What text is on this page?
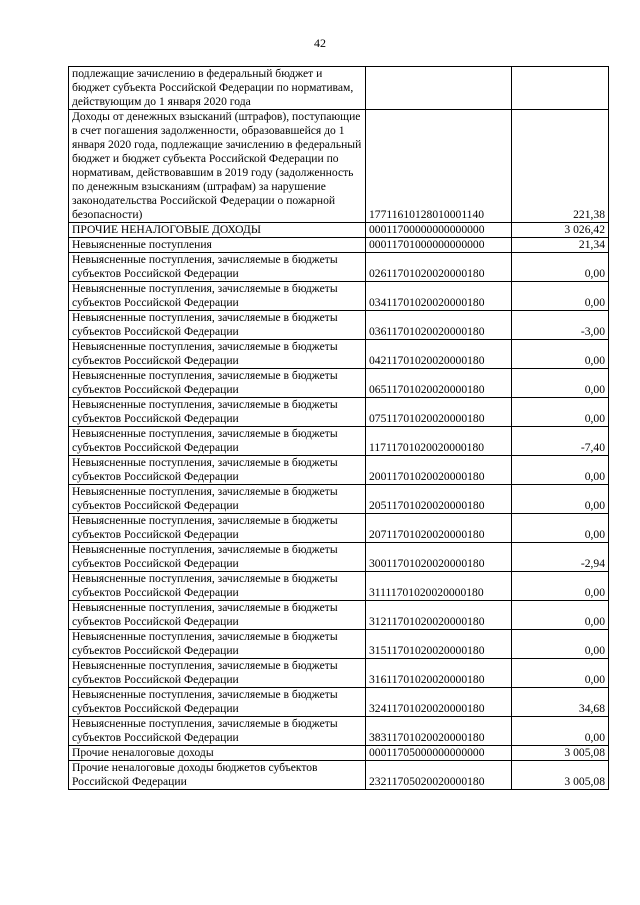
42
подлежащие зачислению в федеральный бюджет и бюджет субъекта Российской Федерации по нормативам, действующим до 1 января 2020 года		
Доходы от денежных взысканий (штрафов), поступающие в счет погашения задолженности, образовавшейся до 1 января 2020 года, подлежащие зачислению в федеральный бюджет и бюджет субъекта Российской Федерации по нормативам, действовавшим в 2019 году (задолженность по денежным взысканиям (штрафам) за нарушение законодательства Российской Федерации о пожарной безопасности)	17711610128010001140	221,38
ПРОЧИЕ НЕНАЛОГОВЫЕ ДОХОДЫ	00011700000000000000	3 026,42
Невыясненные поступления	00011701000000000000	21,34
Невыясненные поступления, зачисляемые в бюджеты субъектов Российской Федерации	02611701020020000180	0,00
Невыясненные поступления, зачисляемые в бюджеты субъектов Российской Федерации	03411701020020000180	0,00
Невыясненные поступления, зачисляемые в бюджеты субъектов Российской Федерации	03611701020020000180	-3,00
Невыясненные поступления, зачисляемые в бюджеты субъектов Российской Федерации	04211701020020000180	0,00
Невыясненные поступления, зачисляемые в бюджеты субъектов Российской Федерации	06511701020020000180	0,00
Невыясненные поступления, зачисляемые в бюджеты субъектов Российской Федерации	07511701020020000180	0,00
Невыясненные поступления, зачисляемые в бюджеты субъектов Российской Федерации	11711701020020000180	-7,40
Невыясненные поступления, зачисляемые в бюджеты субъектов Российской Федерации	20011701020020000180	0,00
Невыясненные поступления, зачисляемые в бюджеты субъектов Российской Федерации	20511701020020000180	0,00
Невыясненные поступления, зачисляемые в бюджеты субъектов Российской Федерации	20711701020020000180	0,00
Невыясненные поступления, зачисляемые в бюджеты субъектов Российской Федерации	30011701020020000180	-2,94
Невыясненные поступления, зачисляемые в бюджеты субъектов Российской Федерации	31111701020020000180	0,00
Невыясненные поступления, зачисляемые в бюджеты субъектов Российской Федерации	31211701020020000180	0,00
Невыясненные поступления, зачисляемые в бюджеты субъектов Российской Федерации	31511701020020000180	0,00
Невыясненные поступления, зачисляемые в бюджеты субъектов Российской Федерации	31611701020020000180	0,00
Невыясненные поступления, зачисляемые в бюджеты субъектов Российской Федерации	32411701020020000180	34,68
Невыясненные поступления, зачисляемые в бюджеты субъектов Российской Федерации	38311701020020000180	0,00
Прочие неналоговые доходы	00011705000000000000	3 005,08
Прочие неналоговые доходы бюджетов субъектов Российской Федерации	23211705020020000180	3 005,08
